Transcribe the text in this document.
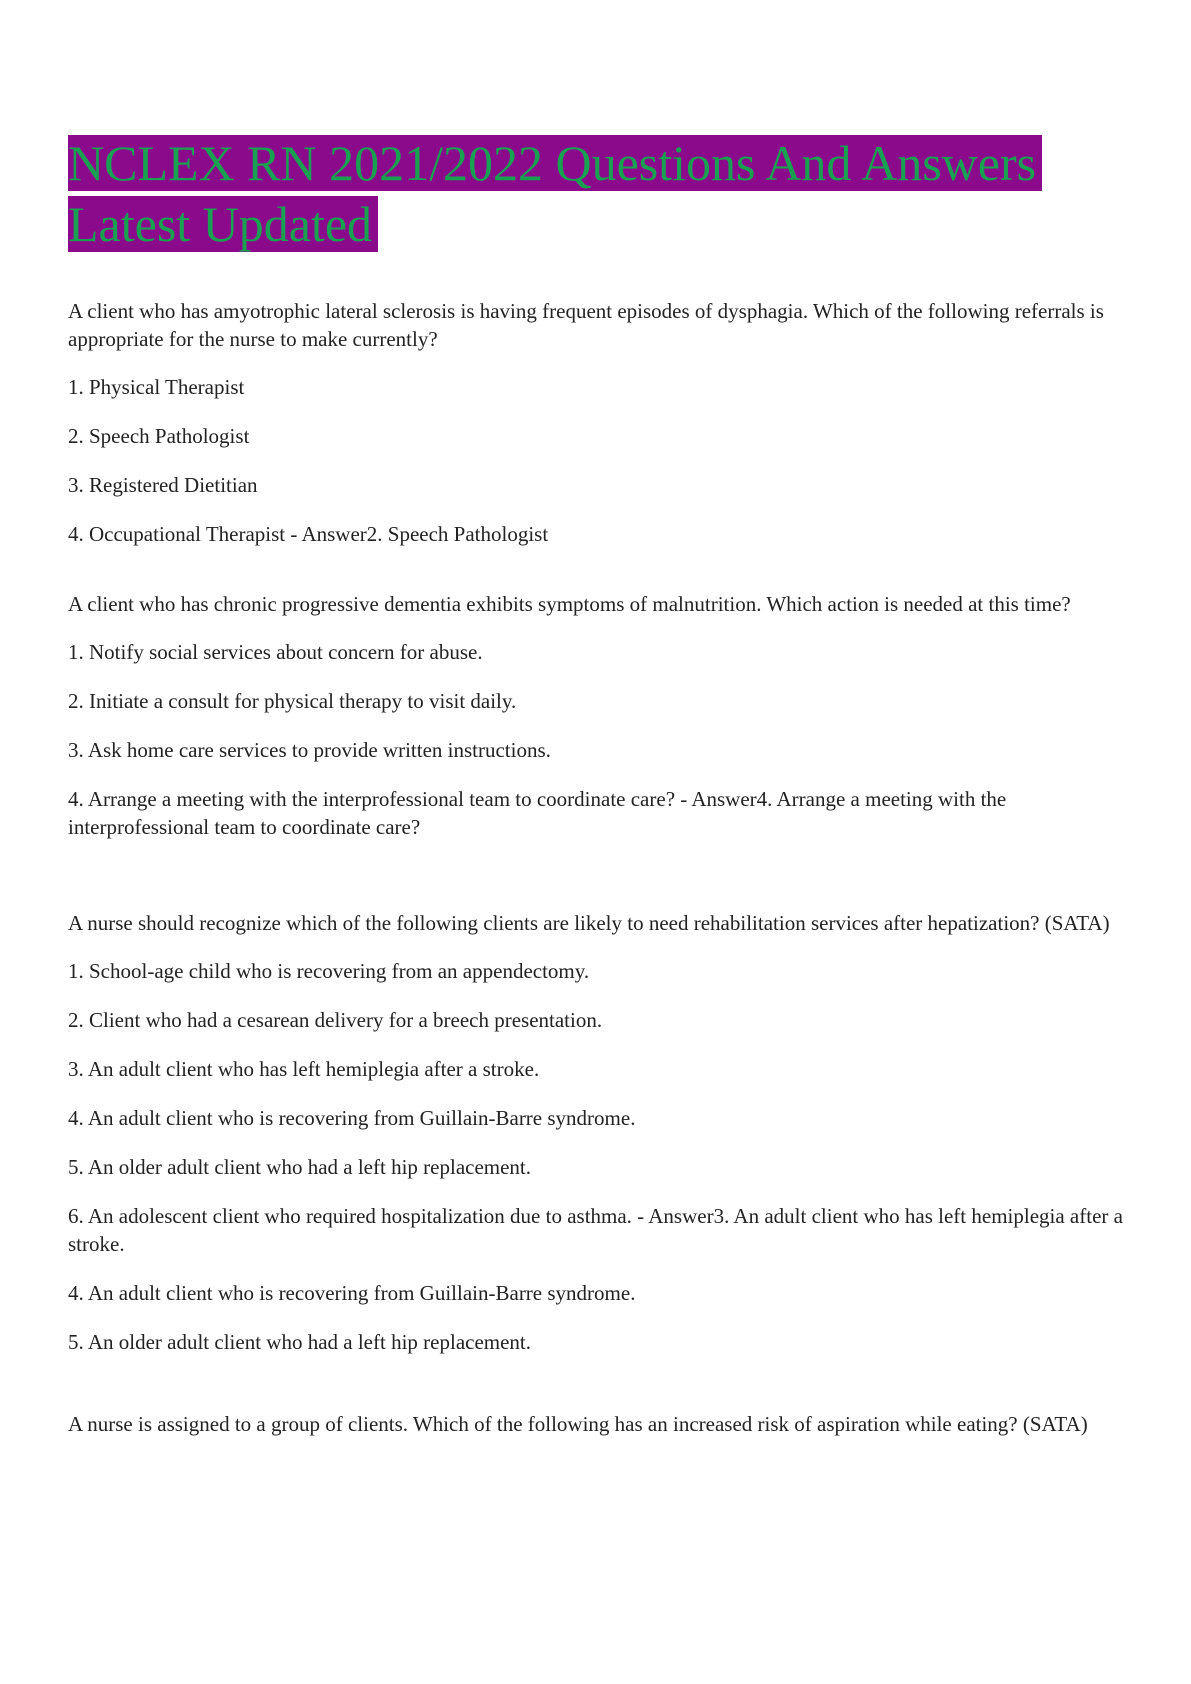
NCLEX RN 2021/2022 Questions And Answers Latest Updated

A client who has amyotrophic lateral sclerosis is having frequent episodes of dysphagia. Which of the following referrals is appropriate for the nurse to make currently?

1. Physical Therapist

2. Speech Pathologist

3. Registered Dietitian

4. Occupational Therapist - Answer2. Speech Pathologist

A client who has chronic progressive dementia exhibits symptoms of malnutrition. Which action is needed at this time?

1. Notify social services about concern for abuse.

2. Initiate a consult for physical therapy to visit daily.

3. Ask home care services to provide written instructions.

4. Arrange a meeting with the interprofessional team to coordinate care? - Answer4. Arrange a meeting with the interprofessional team to coordinate care?

A nurse should recognize which of the following clients are likely to need rehabilitation services after hepatization? (SATA)

1. School-age child who is recovering from an appendectomy.

2. Client who had a cesarean delivery for a breech presentation.

3. An adult client who has left hemiplegia after a stroke.

4. An adult client who is recovering from Guillain-Barre syndrome.

5. An older adult client who had a left hip replacement.

6. An adolescent client who required hospitalization due to asthma. - Answer3. An adult client who has left hemiplegia after a stroke.

4. An adult client who is recovering from Guillain-Barre syndrome.

5. An older adult client who had a left hip replacement.

A nurse is assigned to a group of clients. Which of the following has an increased risk of aspiration while eating? (SATA)
